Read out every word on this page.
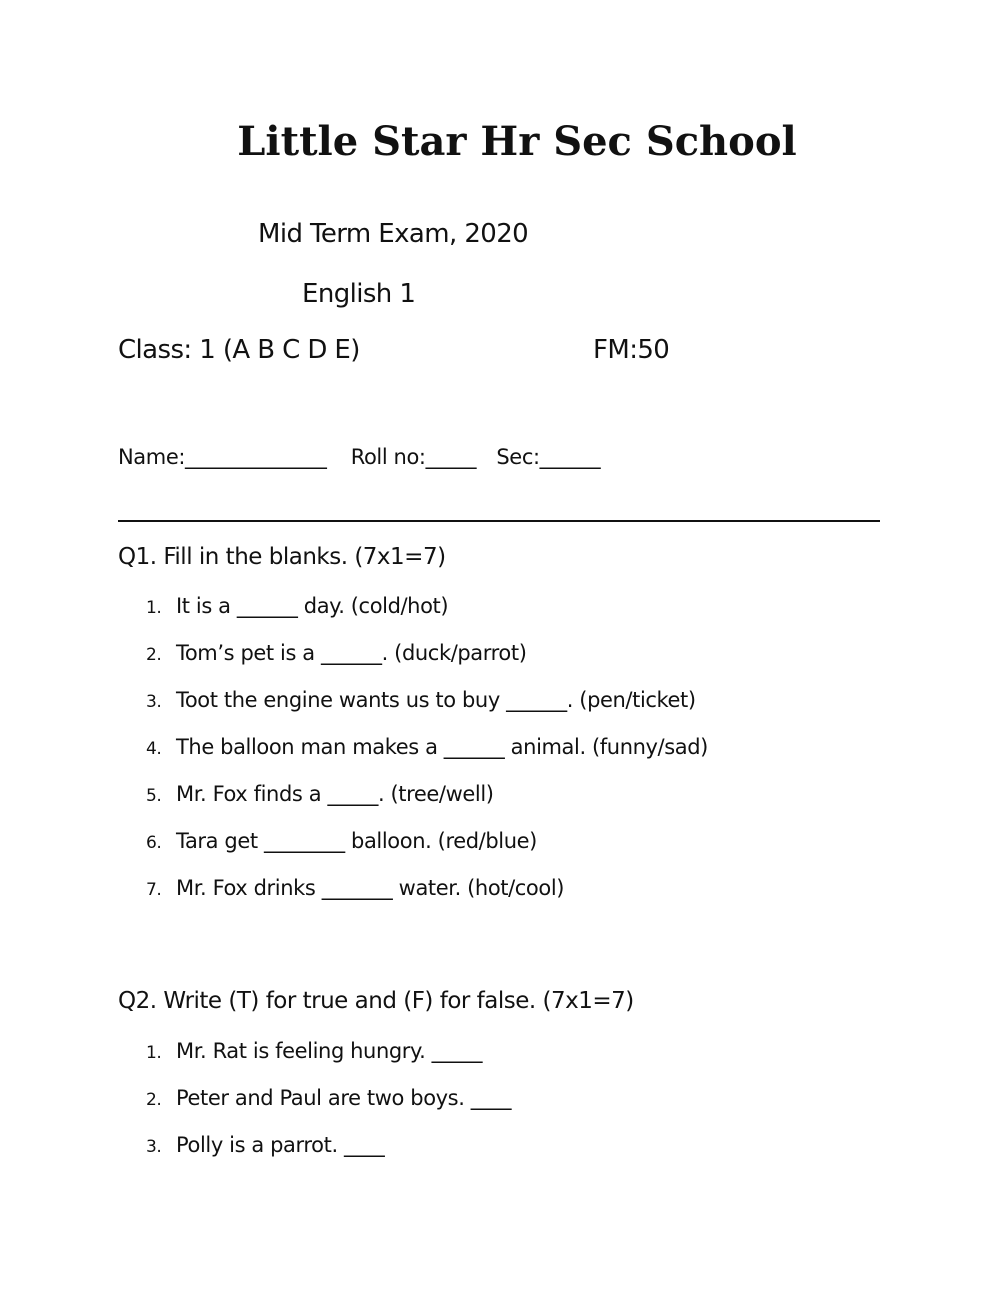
Little Star Hr Sec School
Mid Term Exam, 2020
English 1
Class: 1 (A B C D E)	FM:50
Name:______________ Roll no:_____ Sec:______
Q1. Fill in the blanks. (7x1=7)
1. It is a ______ day. (cold/hot)
2. Tom’s pet is a ______. (duck/parrot)
3. Toot the engine wants us to buy ______. (pen/ticket)
4. The balloon man makes a ______ animal. (funny/sad)
5. Mr. Fox finds a _____. (tree/well)
6. Tara get ________ balloon. (red/blue)
7. Mr. Fox drinks _______ water. (hot/cool)
Q2. Write (T) for true and (F) for false. (7x1=7)
1. Mr. Rat is feeling hungry. _____
2. Peter and Paul are two boys. ____
3. Polly is a parrot. ____
